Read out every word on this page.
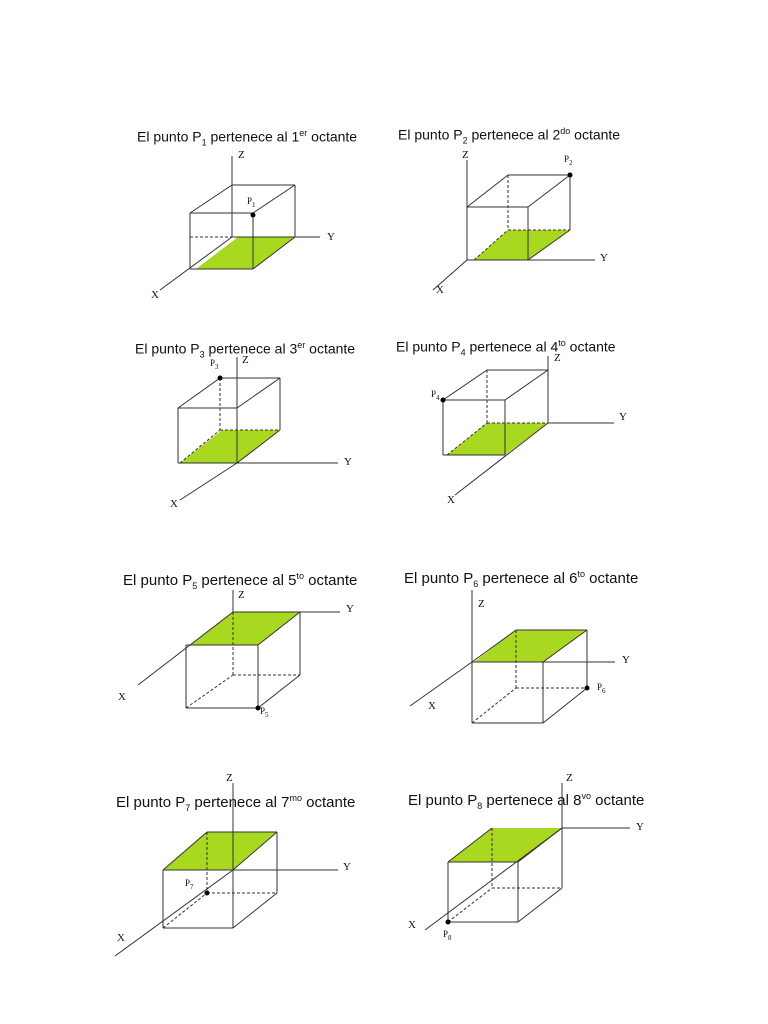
El punto $P_1$ pertenece al 1er octante
Z
Y
X
$P_1$
El punto $P_2$ pertenece al $2^{do}$ octante
Z
Y
X
$P_2$
El punto $P_3$ pertenece al 3er octante
Z
Y
X
$P_3$
El punto $P_4$ pertenece al $4^{to}$ octante
Z
Y
X
$P_4$
El punto $P_5$ pertenece al $5^{to}$ octante
Z
Y
X
$P_5$
El punto $P_6$ pertenece al $6^{to}$ octante
Z
Y
X
$P_6$
El punto $P_7$ pertenece al $7^{mo}$ octante
Z
Y
X
$P_7$
El punto $P_8$ pertenece al $8^{vo}$ octante
Z
Y
X
$P_8$
